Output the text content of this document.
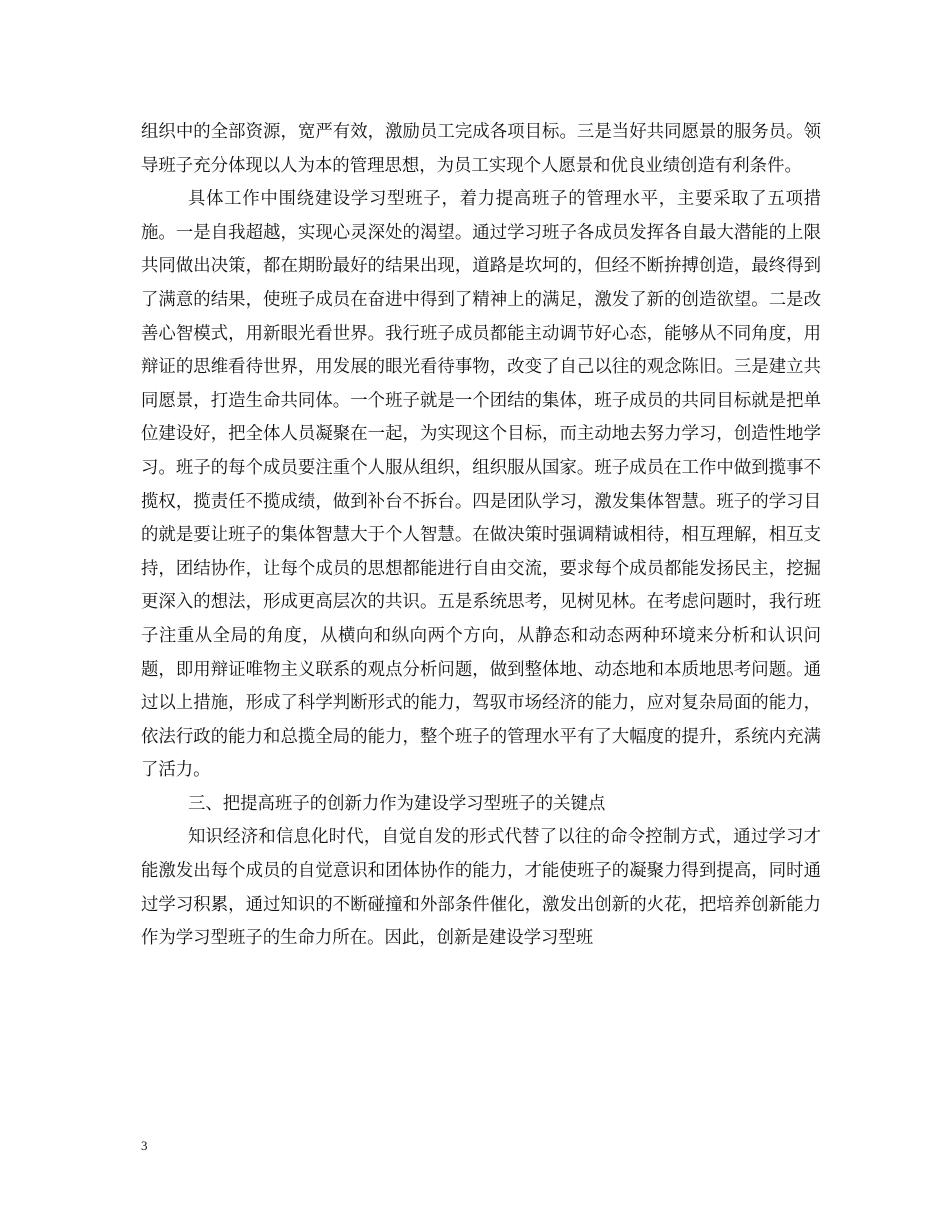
组织中的全部资源，宽严有效，激励员工完成各项目标。三是当好共同愿景的服务员。领导班子充分体现以人为本的管理思想，为员工实现个人愿景和优良业绩创造有利条件。

具体工作中围绕建设学习型班子，着力提高班子的管理水平，主要采取了五项措施。一是自我超越，实现心灵深处的渴望。通过学习班子各成员发挥各自最大潜能的上限共同做出决策，都在期盼最好的结果出现，道路是坎坷的，但经不断拚搏创造，最终得到了满意的结果，使班子成员在奋进中得到了精神上的满足，激发了新的创造欲望。二是改善心智模式，用新眼光看世界。我行班子成员都能主动调节好心态，能够从不同角度，用辩证的思维看待世界，用发展的眼光看待事物，改变了自己以往的观念陈旧。三是建立共同愿景，打造生命共同体。一个班子就是一个团结的集体，班子成员的共同目标就是把单位建设好，把全体人员凝聚在一起，为实现这个目标，而主动地去努力学习，创造性地学习。班子的每个成员要注重个人服从组织，组织服从国家。班子成员在工作中做到揽事不揽权，揽责任不揽成绩，做到补台不拆台。四是团队学习，激发集体智慧。班子的学习目的就是要让班子的集体智慧大于个人智慧。在做决策时强调精诚相待，相互理解，相互支持，团结协作，让每个成员的思想都能进行自由交流，要求每个成员都能发扬民主，挖掘更深入的想法，形成更高层次的共识。五是系统思考，见树见林。在考虑问题时，我行班子注重从全局的角度，从横向和纵向两个方向，从静态和动态两种环境来分析和认识问题，即用辩证唯物主义联系的观点分析问题，做到整体地、动态地和本质地思考问题。通过以上措施，形成了科学判断形式的能力，驾驭市场经济的能力，应对复杂局面的能力，依法行政的能力和总揽全局的能力，整个班子的管理水平有了大幅度的提升，系统内充满了活力。

三、把提高班子的创新力作为建设学习型班子的关键点

知识经济和信息化时代，自觉自发的形式代替了以往的命令控制方式，通过学习才能激发出每个成员的自觉意识和团体协作的能力，才能使班子的凝聚力得到提高，同时通过学习积累，通过知识的不断碰撞和外部条件催化，激发出创新的火花，把培养创新能力作为学习型班子的生命力所在。因此，创新是建设学习型班

3
